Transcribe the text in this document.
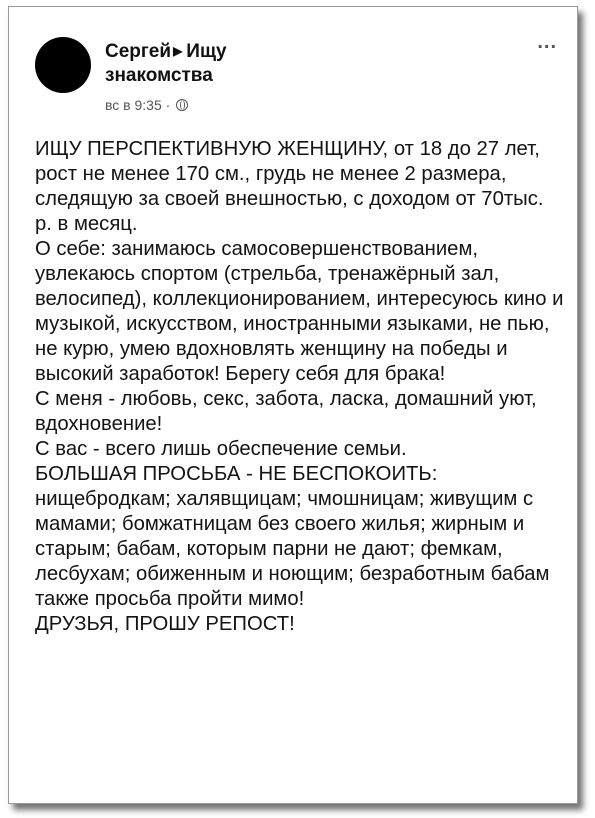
Сергей ▶ Ищу
знакомства
вс в 9:35 ·
...

ИЩУ ПЕРСПЕКТИВНУЮ ЖЕНЩИНУ, от 18 до 27 лет, рост не менее 170 см., грудь не менее 2 размера, следящую за своей внешностью, с доходом от 70тыс. р. в месяц.

О себе: занимаюсь самосовершенствованием, увлекаюсь спортом (стрельба, тренажёрный зал, велосипед), коллекционированием, интересуюсь кино и музыкой, искусством, иностранными языками, не пью, не курю, умею вдохновлять женщину на победы и высокий заработок! Берегу себя для брака!

С меня - любовь, секс, забота, ласка, домашний уют, вдохновение!

С вас - всего лишь обеспечение семьи.

БОЛЬШАЯ ПРОСЬБА - НЕ БЕСПОКОИТЬ: нищебродкам; халявщицам; чмошницам; живущим с мамами; бомжатницам без своего жилья; жирным и старым; бабам, которым парни не дают; фемкам, лесбухам; обиженным и ноющим; безработным бабам также просьба пройти мимо!

ДРУЗЬЯ, ПРОШУ РЕПОСТ!
